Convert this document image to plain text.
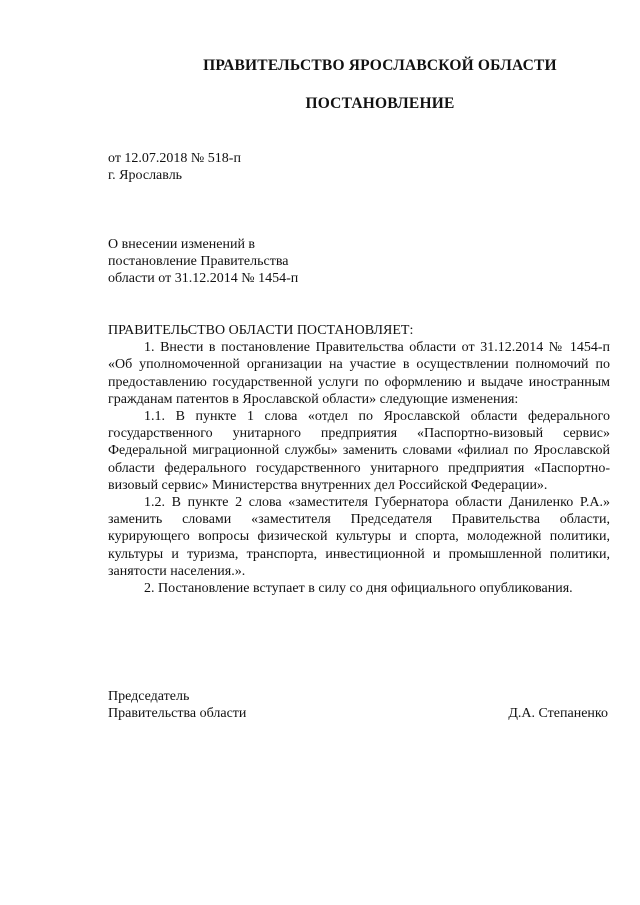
ПРАВИТЕЛЬСТВО ЯРОСЛАВСКОЙ ОБЛАСТИ
ПОСТАНОВЛЕНИЕ
от 12.07.2018 № 518-п
г. Ярославль
О внесении изменений в
постановление Правительства
области от 31.12.2014 № 1454-п

ПРАВИТЕЛЬСТВО ОБЛАСТИ ПОСТАНОВЛЯЕТ:

1. Внести в постановление Правительства области от 31.12.2014 № 1454-п «Об уполномоченной организации на участие в осуществлении полномочий по предоставлению государственной услуги по оформлению и выдаче иностранным гражданам патентов в Ярославской области» следующие изменения:

1.1. В пункте 1 слова «отдел по Ярославской области федерального государственного унитарного предприятия «Паспортно-визовый сервис» Федеральной миграционной службы» заменить словами «филиал по Ярославской области федерального государственного унитарного предприятия «Паспортно-визовый сервис» Министерства внутренних дел Российской Федерации».

1.2. В пункте 2 слова «заместителя Губернатора области Даниленко Р.А.» заменить словами «заместителя Председателя Правительства области, курирующего вопросы физической культуры и спорта, молодежной политики, культуры и туризма, транспорта, инвестиционной и промышленной политики, занятости населения.».

2. Постановление вступает в силу со дня официального опубликования.

Председатель
Правительства области	Д.А. Степаненко
